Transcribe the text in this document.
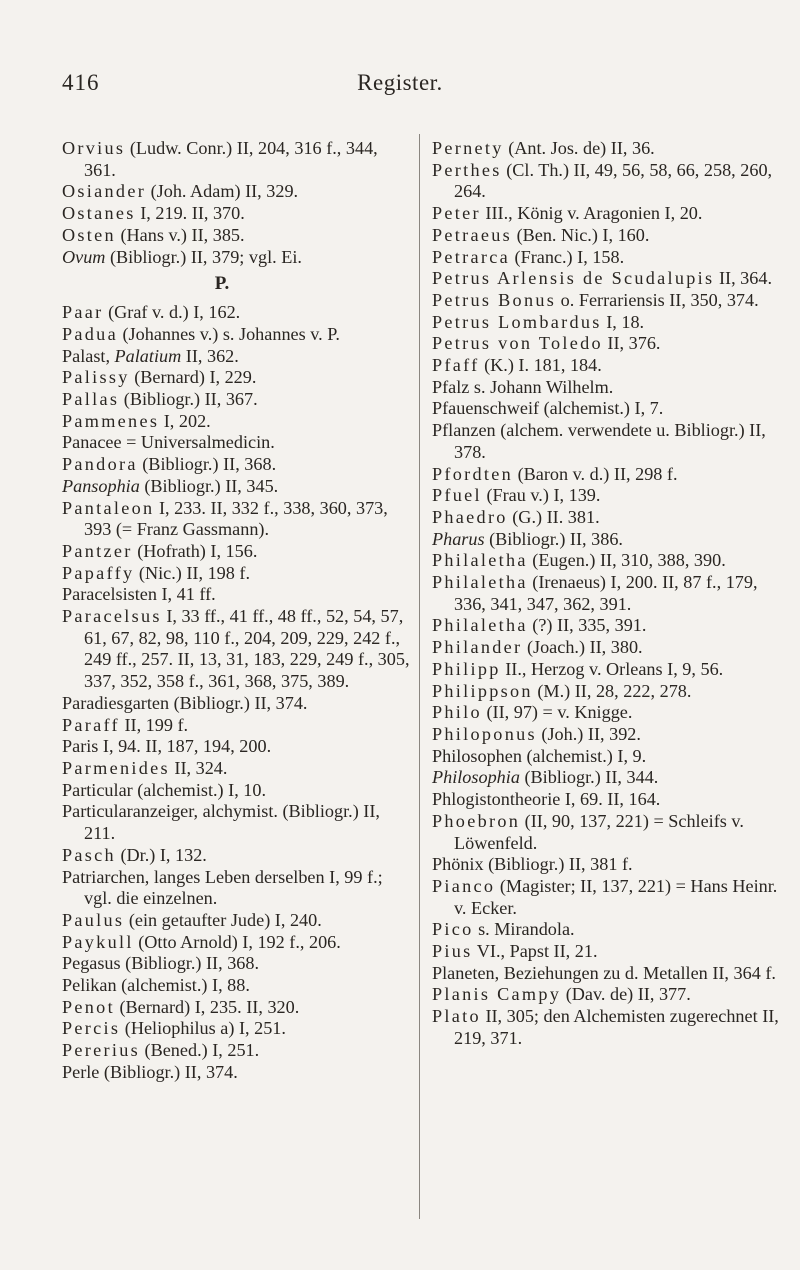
416	Register.
Orvius (Ludw. Conr.) II, 204, 316 f., 344, 361.
Osiander (Joh. Adam) II, 329.
Ostanes I, 219. II, 370.
Osten (Hans v.) II, 385.
Ovum (Bibliogr.) II, 379; vgl. Ei.
P.
Paar (Graf v. d.) I, 162.
Padua (Johannes v.) s. Johannes v. P.
Palast, Palatium II, 362.
Palissy (Bernard) I, 229.
Pallas (Bibliogr.) II, 367.
Pammenes I, 202.
Panacee = Universalmedicin.
Pandora (Bibliogr.) II, 368.
Pansophia (Bibliogr.) II, 345.
Pantaleon I, 233. II, 332 f., 338, 360, 373, 393 (= Franz Gassmann).
Pantzer (Hofrath) I, 156.
Papaffy (Nic.) II, 198 f.
Paracelsisten I, 41 ff.
Paracelsus I, 33 ff., 41 ff., 48 ff., 52, 54, 57, 61, 67, 82, 98, 110 f., 204, 209, 229, 242 f., 249 ff., 257. II, 13, 31, 183, 229, 249 f., 305, 337, 352, 358 f., 361, 368, 375, 389.
Paradiesgarten (Bibliogr.) II, 374.
Paraff II, 199 f.
Paris I, 94. II, 187, 194, 200.
Parmenides II, 324.
Particular (alchemist.) I, 10.
Particularanzeiger, alchymist. (Bibliogr.) II, 211.
Pasch (Dr.) I, 132.
Patriarchen, langes Leben derselben I, 99 f.; vgl. die einzelnen.
Paulus (ein getaufter Jude) I, 240.
Paykull (Otto Arnold) I, 192 f., 206.
Pegasus (Bibliogr.) II, 368.
Pelikan (alchemist.) I, 88.
Penot (Bernard) I, 235. II, 320.
Percis (Heliophilus a) I, 251.
Pererius (Bened.) I, 251.
Perle (Bibliogr.) II, 374.
Pernety (Ant. Jos. de) II, 36.
Perthes (Cl. Th.) II, 49, 56, 58, 66, 258, 260, 264.
Peter III., König v. Aragonien I, 20.
Petraeus (Ben. Nic.) I, 160.
Petrarca (Franc.) I, 158.
Petrus Arlensis de Scudalupis II, 364.
Petrus Bonus o. Ferrariensis II, 350, 374.
Petrus Lombardus I, 18.
Petrus von Toledo II, 376.
Pfaff (K.) I. 181, 184.
Pfalz s. Johann Wilhelm.
Pfauenschweif (alchemist.) I, 7.
Pflanzen (alchem. verwendete u. Bibliogr.) II, 378.
Pfordten (Baron v. d.) II, 298 f.
Pfuel (Frau v.) I, 139.
Phaedro (G.) II. 381.
Pharus (Bibliogr.) II, 386.
Philaletha (Eugen.) II, 310, 388, 390.
Philaletha (Irenaeus) I, 200. II, 87 f., 179, 336, 341, 347, 362, 391.
Philaletha (?) II, 335, 391.
Philander (Joach.) II, 380.
Philipp II., Herzog v. Orleans I, 9, 56.
Philippson (M.) II, 28, 222, 278.
Philo (II, 97) = v. Knigge.
Philoponus (Joh.) II, 392.
Philosophen (alchemist.) I, 9.
Philosophia (Bibliogr.) II, 344.
Phlogistontheorie I, 69. II, 164.
Phoebron (II, 90, 137, 221) = Schleifs v. Löwenfeld.
Phönix (Bibliogr.) II, 381 f.
Pianco (Magister; II, 137, 221) = Hans Heinr. v. Ecker.
Pico s. Mirandola.
Pius VI., Papst II, 21.
Planeten, Beziehungen zu d. Metallen II, 364 f.
Planis Campy (Dav. de) II, 377.
Plato II, 305; den Alchemisten zugerechnet II, 219, 371.
